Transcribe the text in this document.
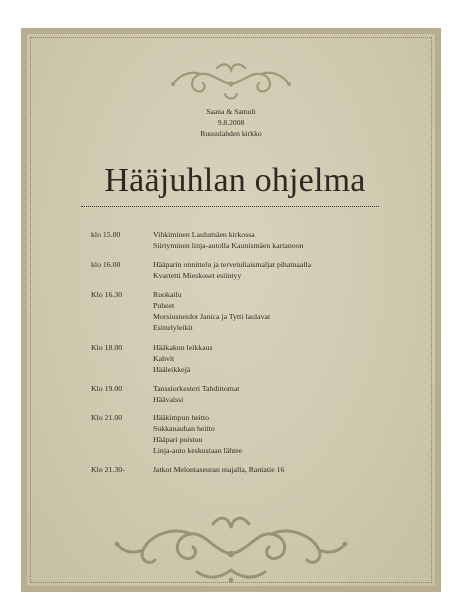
Saana & Samuli
9.8.2008
Ruusulahden kirkko
Hääjuhlan ohjelma
klo 15.00	Vihkiminen Laulumäen kirkossa
Siirtyminen linja-autolla Kaunismäen kartanoon
klo 16.00	Hääparin onnittelu ja tervetuliaismaljat pihamaalla
Kvartetti Mieskoset esiintyy
Klo 16.30	Ruokailu
Puheet
Morsiusneidot Janica ja Tytti laulavat
Esittelyleikit
Klo 18.00	Hääkakun leikkaus
Kahvit
Hääleikkejä
Klo 19.00	Tanssiorkesteri Tahdittomat
Häävalssi
Klo 21.00	Hääkimpun heitto
Sukkanauhan heitto
Hääpari poistuu
Linja-auto keskustaan lähtee
Klo 21.30-	Jatkot Melontaseuran majalla, Rantatie 16
